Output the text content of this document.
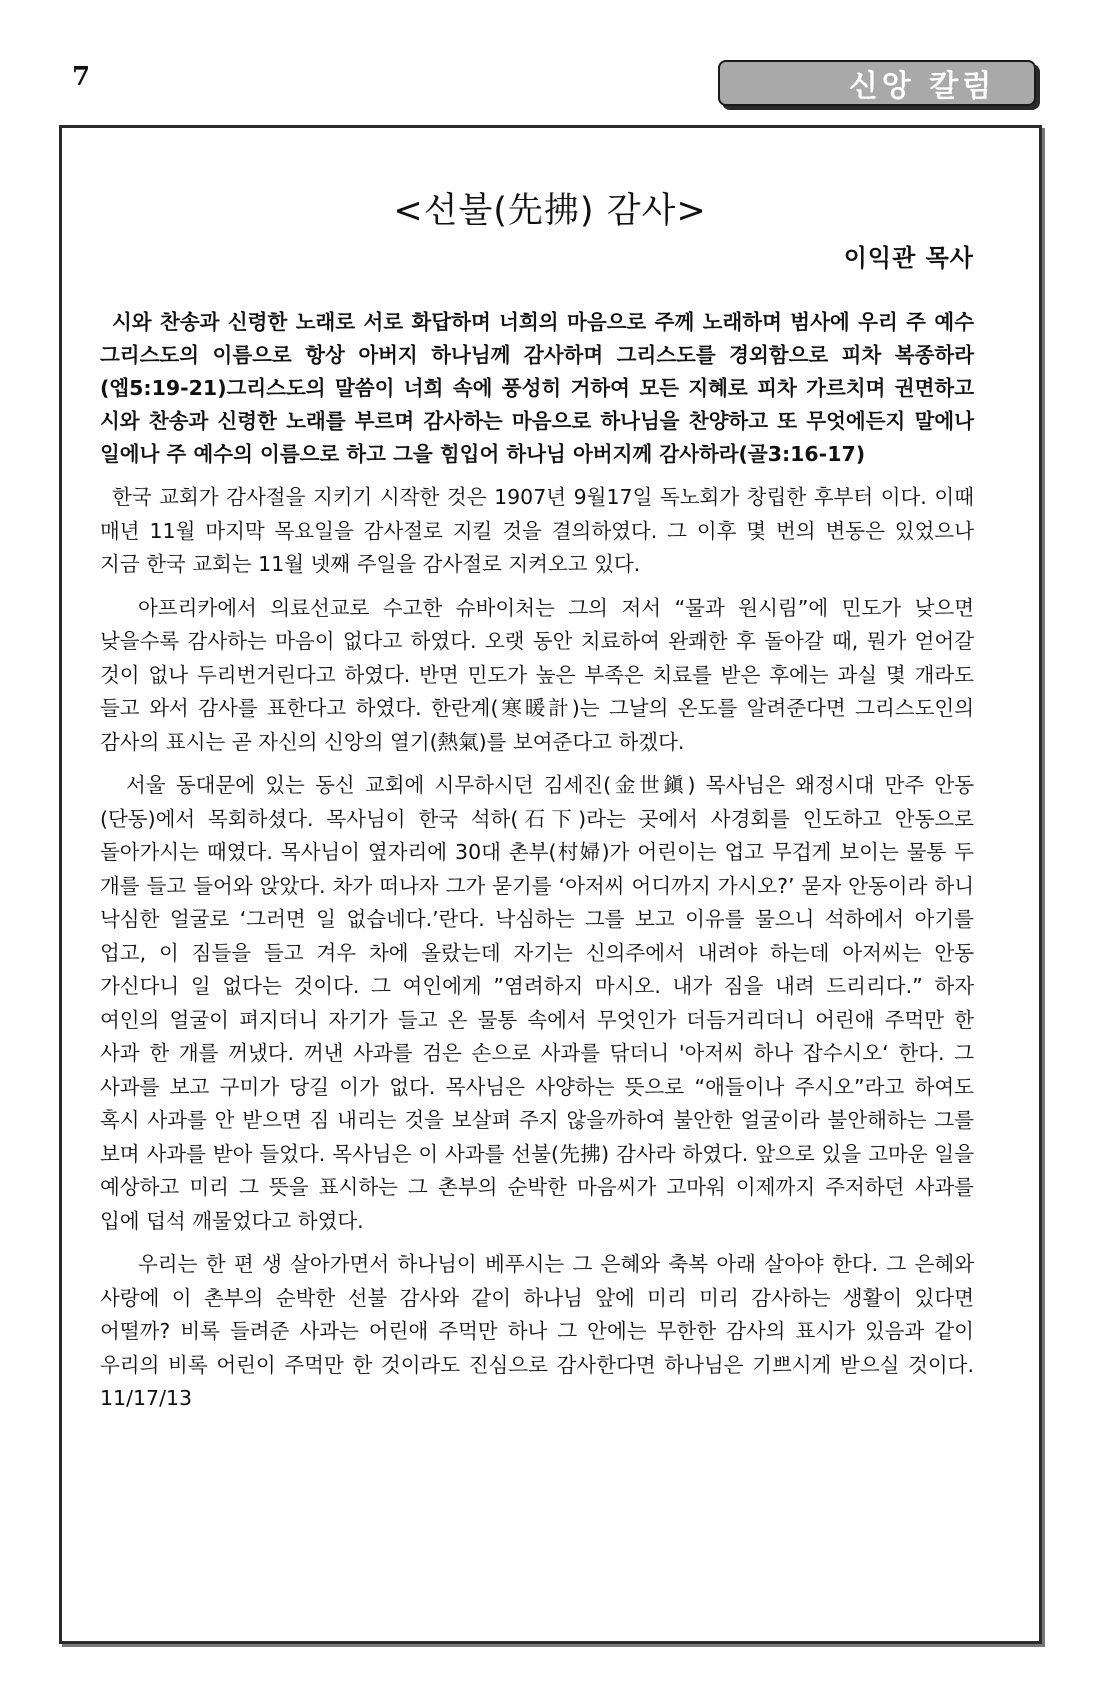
7	신앙 칼럼
<선불(先拂) 감사>
이익관 목사

시와 찬송과 신령한 노래로 서로 화답하며 너희의 마음으로 주께 노래하며 범사에 우리 주 예수 그리스도의 이름으로 항상 아버지 하나님께 감사하며 그리스도를 경외함으로 피차 복종하라(엡5:19-21)그리스도의 말씀이 너희 속에 풍성히 거하여 모든 지혜로 피차 가르치며 권면하고 시와 찬송과 신령한 노래를 부르며 감사하는 마음으로 하나님을 찬양하고 또 무엇에든지 말에나 일에나 주 예수의 이름으로 하고 그을 힘입어 하나님 아버지께 감사하라(골3:16-17)

한국 교회가 감사절을 지키기 시작한 것은 1907년 9월17일 독노회가 창립한 후부터 이다. 이때 매년 11월 마지막 목요일을 감사절로 지킬 것을 결의하였다. 그 이후 몇 번의 변동은 있었으나 지금 한국 교회는 11월 넷째 주일을 감사절로 지켜오고 있다.

아프리카에서 의료선교로 수고한 슈바이처는 그의 저서 “물과 원시림”에 민도가 낮으면 낮을수록 감사하는 마음이 없다고 하였다. 오랫 동안 치료하여 완쾌한 후 돌아갈 때, 뭔가 얻어갈 것이 없나 두리번거린다고 하였다. 반면 민도가 높은 부족은 치료를 받은 후에는 과실 몇 개라도 들고 와서 감사를 표한다고 하였다. 한란계(寒暖計)는 그날의 온도를 알려준다면 그리스도인의 감사의 표시는 곧 자신의 신앙의 열기(熱氣)를 보여준다고 하겠다.

서울 동대문에 있는 동신 교회에 시무하시던 김세진(金世鎭) 목사님은 왜정시대 만주 안동(단동)에서 목회하셨다. 목사님이 한국 석하(石下)라는 곳에서 사경회를 인도하고 안동으로 돌아가시는 때였다. 목사님이 옆자리에 30대 촌부(村婦)가 어린이는 업고 무겁게 보이는 물통 두 개를 들고 들어와 앉았다. 차가 떠나자 그가 묻기를 ‘아저씨 어디까지 가시오?’ 묻자 안동이라 하니 낙심한 얼굴로 ‘그러면 일 없습네다.’란다. 낙심하는 그를 보고 이유를 물으니 석하에서 아기를 업고, 이 짐들을 들고 겨우 차에 올랐는데 자기는 신의주에서 내려야 하는데 아저씨는 안동 가신다니 일 없다는 것이다. 그 여인에게 ”염려하지 마시오. 내가 짐을 내려 드리리다.” 하자 여인의 얼굴이 펴지더니 자기가 들고 온 물통 속에서 무엇인가 더듬거리더니 어린애 주먹만 한 사과 한 개를 꺼냈다. 꺼낸 사과를 검은 손으로 사과를 닦더니 '아저씨 하나 잡수시오‘ 한다. 그 사과를 보고 구미가 당길 이가 없다. 목사님은 사양하는 뜻으로 “애들이나 주시오”라고 하여도 혹시 사과를 안 받으면 짐 내리는 것을 보살펴 주지 않을까하여 불안한 얼굴이라 불안해하는 그를 보며 사과를 받아 들었다. 목사님은 이 사과를 선불(先拂) 감사라 하였다. 앞으로 있을 고마운 일을 예상하고 미리 그 뜻을 표시하는 그 촌부의 순박한 마음씨가 고마워 이제까지 주저하던 사과를 입에 덥석 깨물었다고 하였다.

우리는 한 편 생 살아가면서 하나님이 베푸시는 그 은혜와 축복 아래 살아야 한다. 그 은혜와 사랑에 이 촌부의 순박한 선불 감사와 같이 하나님 앞에 미리 미리 감사하는 생활이 있다면 어떨까? 비록 들려준 사과는 어린애 주먹만 하나 그 안에는 무한한 감사의 표시가 있음과 같이 우리의 비록 어린이 주먹만 한 것이라도 진심으로 감사한다면 하나님은 기쁘시게 받으실 것이다. 11/17/13
